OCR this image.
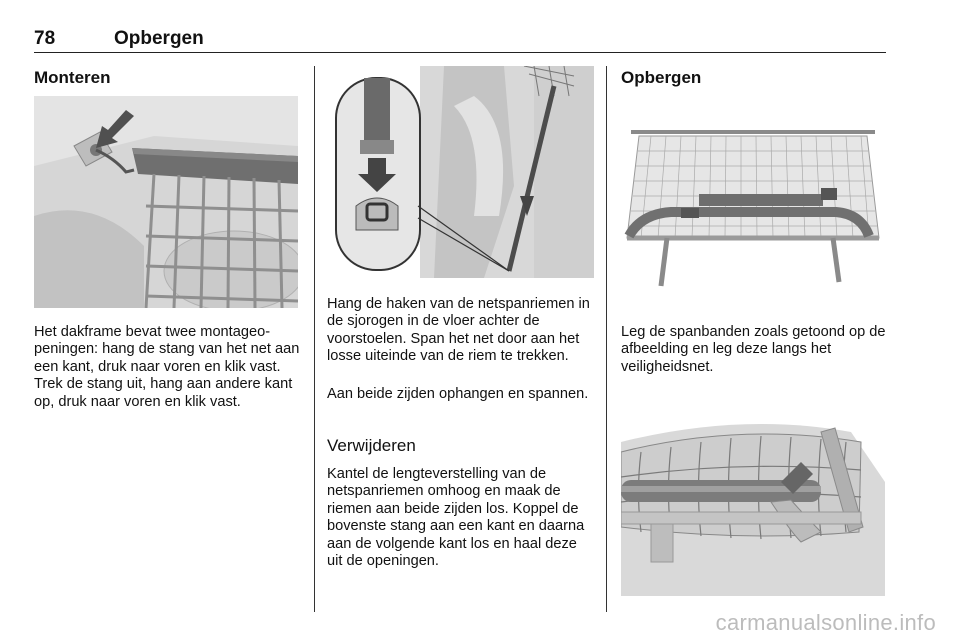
78	Opbergen
Monteren

Het dakframe bevat twee montageopeningen: hang de stang van het net aan een kant, druk naar voren en klik vast. Trek de stang uit, hang aan andere kant op, druk naar voren en klik vast.

Hang de haken van de netspanriemen in de sjorogen in de vloer achter de voorstoelen. Span het net door aan het losse uiteinde van de riem te trekken.

Aan beide zijden ophangen en spannen.

Verwijderen

Kantel de lengteverstelling van de netspanriemen omhoog en maak de riemen aan beide zijden los. Koppel de bovenste stang aan een kant en daarna aan de volgende kant los en haal deze uit de openingen.

Opbergen

Leg de spanbanden zoals getoond op de afbeelding en leg deze langs het veiligheidsnet.

carmanualsonline.info
